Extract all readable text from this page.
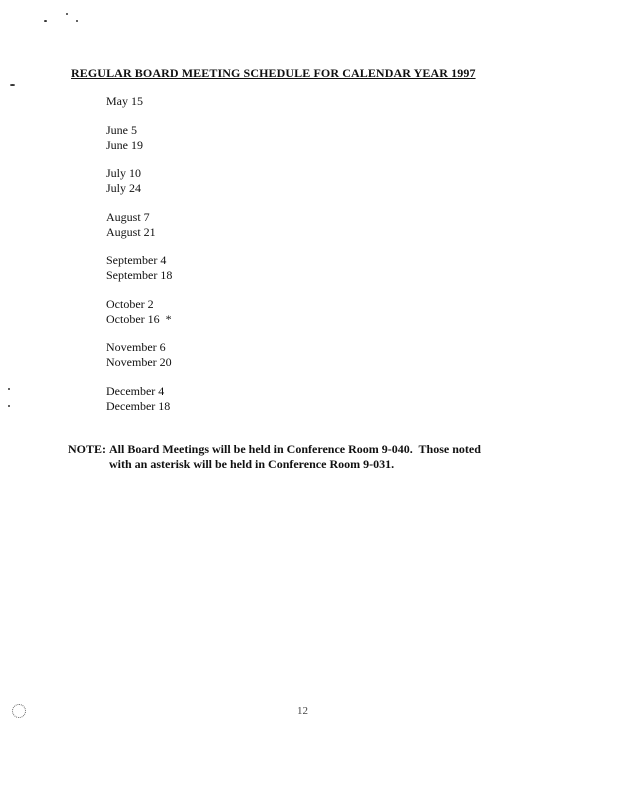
REGULAR BOARD MEETING SCHEDULE FOR CALENDAR YEAR 1997
May 15
June 5
June 19
July 10
July 24
August 7
August 21
September 4
September 18
October 2
October 16  *
November 6
November 20
December 4
December 18
NOTE: All Board Meetings will be held in Conference Room 9-040.  Those noted
with an asterisk will be held in Conference Room 9-031.
12
